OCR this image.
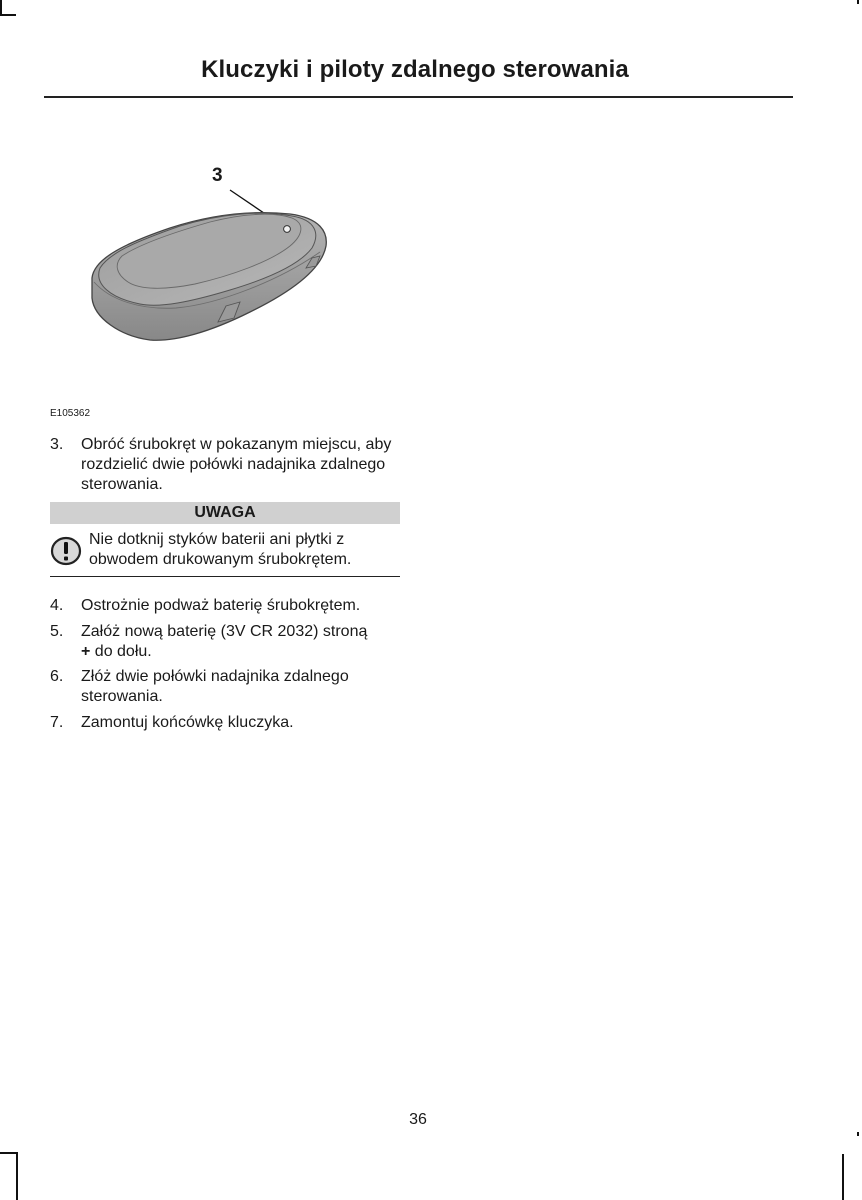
Kluczyki i piloty zdalnego sterowania
3
E105362
3. Obróć śrubokręt w pokazanym miejscu, aby rozdzielić dwie połówki nadajnika zdalnego sterowania.
UWAGA
Nie dotknij styków baterii ani płytki z obwodem drukowanym śrubokrętem.
4. Ostrożnie podważ baterię śrubokrętem.
5. Załóż nową baterię (3V CR 2032) stroną
+ do dołu.
6. Złóż dwie połówki nadajnika zdalnego sterowania.
7. Zamontuj końcówkę kluczyka.
36
